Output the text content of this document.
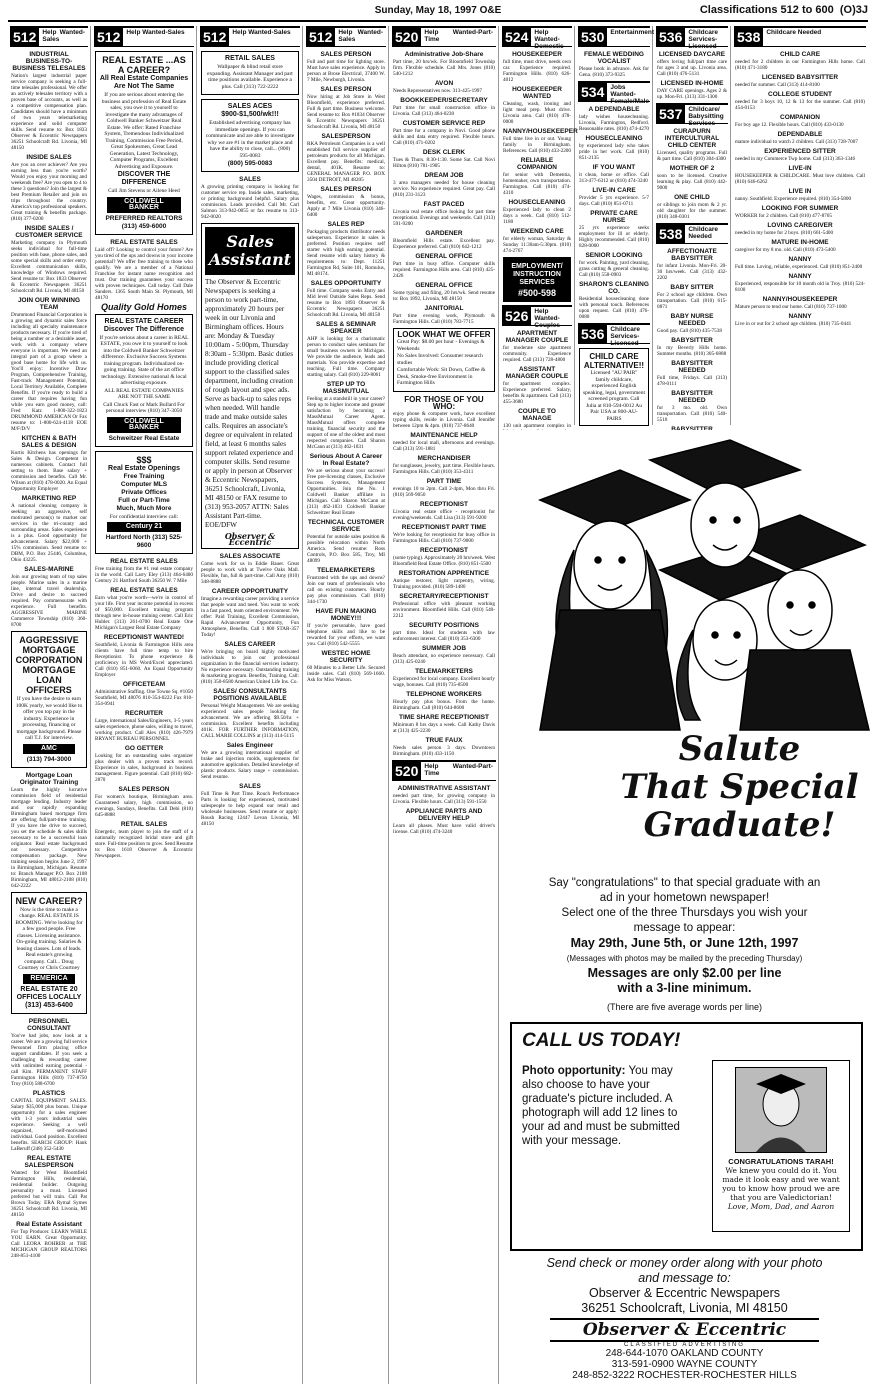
Sunday, May 18, 1997 O&E	Classifications 512 to 600 (O)3J
512 Help Wanted-Sales
INDUSTRIAL BUSINESS-TO-BUSINESS TELESALES

Nation's largest industrial paper service company is seeking a full-time telesales professional. We offer an actively telesales territory with a proven base of accounts, as well as a competitive compensation plan. Candidates should have a minimum of two years telemarketing experience and solid computer skills. Send resume to: Box 1833 Observer & Eccentric Newspapers 36251 Schoolcraft Rd. Livonia, MI 48150

INSIDE SALES

Are you an over achiever? Are you earning less than you're worth? Would you enjoy your morning and weekends free? Are you open to 4 to these 3 questions? Join the largest & best Premium Retailer and join on trips throughout the country. America's top professional speakers. Great training & benefits package. (810) 377-0200

INSIDE SALES / CUSTOMER SERVICE

Marketing company in Plymouth seeks individual for full-time position with base, phone sales, and some special skills and order entry. Excellent communication skills, knowledge of Windows required. Send resume to: Box 1833 Observer & Eccentric Newspapers 36251 Schoolcraft Rd. Livonia, MI 48150

JOIN OUR WINNING TEAM

Drummond Financial Corporation is a growing and dynamic sales force including all specialty maintenance products necessary. If you're tired of being a number or a desirable asset, work with a company where everyone is important. We need an integral part of a group where a good base home for life with us. You'll enjoy: Incentive Draw Program, Comprehensive Training, Fast-track Management Potential, Local Territory Available, Complete Benefits. If you're ready to build a career that requires having fun while you earn good money, call: Fred Katz 1-800-322-1823 DRUMMOND AMERICAN Or Fax resume to: 1-800-624-4118 EOE M/F/D/V

KITCHEN & BATH SALES & DESIGN

Kurtis Kitchens has openings for Sales & Design. Competent in numerous cabinets. Contact full setting to them. Base salary + commission and benefits. Call Mr. Wilson at (810) 478-0020. An Equal Opportunity Employer

MARKETING REP

A national cleaning company is seeking an aggressive, self motivated person(s) to market our services in the tri-county and surrounding areas. Sales experience is a plus. Good opportunity for advancement. Salary $22,000 + 15% commission. Send resume to: DBM, P.O. Box 25446, Columbus, Ohio 43225.

SALES-MARINE

Join our growing team of top sales people. Marine sales in a marine line, internal travel dealership. Drive and desire to succeed required. Pay commensurate with experience. Full benefits. AGGRESSIVE MARINE Commerce Township (810) 360-8700

AGGRESSIVE MORTGAGE CORPORATION MORTGAGE LOAN OFFICERS
If you have the desire to earn 100K yearly, we would like to offer you top pay in the industry. Experience in processing, financing or mortgage background. Please call T.J. for interview.
AMC
(313) 794-3000
Mortgage Loan Originator Training

Learn the highly lucrative commission field of residential mortgage lending. Industry leader and our rapidly expanding Birmingham based mortgage firm are offering full/part-time training. If you have the drive to succeed, you set the schedule & sales skills necessary to be a successful loan originator. Real estate background not necessary. Competitive compensation package. New training session begins June 2, 1997 in Birmingham, Michigan. Resume to: Branch Manager P.O. Box 2108 Birmingham, MI 48012-2108 (810) 642-2222

NEW CAREER?
Now is the time to make a change. REAL ESTATE IS BOOMING. We're looking for a few good people. Free classes. Licensing assistance. On-going training. Salaries & leasing classes. Lots of leads. Real estate's growing company. Call... Doug Courtney or Chris Courtney
REMERICA
REAL ESTATE 20 OFFICES LOCALLY (313) 453-6400
PERSONNEL CONSULTANT

You've had jobs, now look at a career. We are a growing full service Personnel firm placing office support candidates. If you seek a challenging & rewarding career with unlimited earning potential - call Kim. PERMANENT STAFF Farmington Hills (810) 737-8750 Troy (810) 588-6700

PLASTICS

CAPITAL EQUIPMENT SALES. Salary $35,000 plus bonus. Unique opportunity for a sales engineer with 1-3 years industrial sales experience. Seeking a well organized, self-motivated individual. Good position. Excellent benefits. SEARCH GROUP: Hank LaBeruff (248) 352-5430

REAL ESTATE SALESPERSON

Wanted for West Bloomfield Farmington Hills, residential, residential builder. Outgoing personality a must. Licensed preferred but will train. Call Pat Brown Today. ERA Rymal Symes 36251 Schoolcraft Rd. Livonia, MI 48150

Real Estate Assistant

For Top Producer. LEARN WHILE YOU EARN. Great Opportunity. Call LEORA BOHRER at THE MICHIGAN GROUP REALTORS 248-851-4100

512 Help Wanted-Sales
REAL ESTATE ...AS A CAREER?
All Real Estate Companies Are Not The Same
If you are serious about entering the business and profession of Real Estate sales, you owe it to yourself to investigate the many advantages of Coldwell Banker Schweitzer Real Estate. We offer: Rated Franchise System, Tremendous Individualized Training, Commission Free Period, Great Spokesmen, Great Lead Generation, Latest Technology, Computer Programs, Excellent Advertising and Exposure.
DISCOVER THE DIFFERENCE
Call Jim Stevens or Ailene Heed
COLDWELL BANKER
PREFERRED REALTORS (313) 459-6000
REAL ESTATE SALES

Laid off? Looking to control your future? Are you tired of the ups and downs in your income potential? We offer free training to those who qualify. We are a member of a National Franchise for instant name recognition and trust. Our training guarantees your success with proven techniques. Call today. Call Dale Sanders. 1365 South Main St. Plymouth, MI 48170

Quality Gold Homes
REAL ESTATE CAREER
Discover The Difference
If you're serious about a career in REAL ESTATE, you owe it to yourself to look into the Coldwell Banker Schweitzer difference. Exclusive Success Systems training program. Individualized on-going training. State of the art office technology. Extensive national & local advertising exposure.
ALL REAL ESTATE COMPANIES ARE NOT THE SAME
Call Chuck Fast or Mark Bullard For personal interview (810) 347-3050
COLDWELL BANKER
Schweitzer Real Estate
$$$
Real Estate Openings
Free Training
Computer MLS
Private Offices
Full or Part-Time
Much, Much More
For confidential interview call:
Century 21
Hartford North (313) 525-9600
REAL ESTATE SALES

Free training from the #1 real estate company in the world. Call Larry Eley (313) 464-6400 Century 21 Hartford South 36250 W. 7 Mile

REAL ESTATE SALES

Earn what you're worth—we're in control of your life. First year income potential in excess of $50,000. Excellent training program through new in-house training center. Call Eric Hubler. (313) 261-0700 Real Estate One Michigan's Largest Real Estate Company

RECEPTIONIST WANTED!

Southfield, Livonia & Farmington Hills area clients have full time temp to hire Receptionist. To phone experience & proficiency in MS Word/Excel appreciated. Call (810) 851-6060. An Equal Opportunity Employer

OFFICETEAM

Administrative Staffing. One Towne Sq. #1050 Southfield, MI 48076 810-354-0222 Fax 810-354-0941

RECRUITER

Large, international Sales/Engineers, 3-5 years sales experience, phone sales, willing to travel, working product. Call Alex (810) 426-7979 BRYANT BUREAU PERSONNEL

GO GETTER

Looking for an outstanding sales organizer plus dealer with a proven track record. Experience in sales, background in business management. Figure potential. Call (810) 682-2870

SALES PERSON

For women's boutique, Birmingham area. Guaranteed salary, high commission, no evenings, Sundays, Benefits. Call Debi (810) 645-8888

RETAIL SALES

Energetic, team player to join the staff of a nationally recognized bridal store and gift store. Full-time position to grow. Send Resume to: Box 1618 Observer & Eccentric Newspapers.

512 Help Wanted-Sales
RETAIL SALES
Wallpaper & blind retail store expanding. Assistant Manager and part time positions available. Experience a plus. Call (313) 722-2222
SALES ACES
$900-$1,500/wk!!!
Established advertising company has immediate openings. If you can communicate and are able to investigate why we are #1 in the market place and have the ability to close, call... (800) 595-0083
(800) 595-0083
SALES

A growing printing company is looking for customer service rep. Inside sales, marketing, or printing background helpful. Salary plus commission. Leads provided. Call Mr. Carl Salmon 313-942-0055 or fax resume to 313-942-0020

Sales Assistant
The Observer & Eccentric Newspapers is seeking a person to work part-time, approximately 20 hours per week in our Livonia and Birmingham offices. Hours are: Monday & Tuesday 10:00am - 5:00pm, Thursday 8:30am - 5:30pm. Basic duties include providing clerical support to the classified sales department, including creation of rough layout and spec ads. Serve as back-up to sales reps when needed. Will handle trade and make outside sales calls. Requires an associate's degree or equivalent in related field, at least 6 months sales support related experience and computer skills. Send resume or apply in person at Observer & Eccentric Newspapers, 36251 Schoolcraft, Livonia, MI 48150 or FAX resume to (313) 953-2057 ATTN: Sales Assistant Part-time. EOE/DFW
Observer & Eccentric
SALES ASSOCIATE

Come work for us in Eddie Bauer. Great people to work with at Twelve Oaks Mall. Flexible, fun, full & part-time. Call Amy (810) 348-8888

CAREER OPPORTUNITY

Imagine a rewarding career providing a service that people want and need. You want to work in a fast paced, team oriented environment. We offer: Paid Training, Excellent Commission, Rapid Advancement Opportunity, Fun Atmosphere, Benefits. Call 1 800 STAR-357 Today!

SALES CAREER

We're bringing on board highly motivated individuals to join our professional organization in the financial services industry. No experience necessary. Outstanding training & marketing program. Benefits, Training. Call: (810) 350-8580 American United Life Ins. Co.

SALES/ CONSULTANTS POSITIONS AVAILABLE

Personal Weight Management. We are seeking experienced sales people looking for advancement. We are offering $9.50/hr. + commission. Excellent benefits including 401K. FOR FURTHER INFORMATION, CALL MARIE COLLINS at (313) 414-5115

Sales Engineer

We are a growing international supplier of brake and injection molds, supplements for automotive application. Detailed knowledge of plastic products. Salary range + commission. Send resume.

SALES

Full Time & Part Time. Rouch Performance Parts is looking for experienced, motivated salespeople to help expand our retail and wholesale businesses. Send resume or apply: Roush Racing 12447 Levan Livonia, MI 48150

512 Help Wanted-Sales
SALES PERSON

Full and part time for lighting store. Must have sales experience. Apply in person at Brose Electrical, 37400 W. 7 Mile, Newburgh, Livonia.

SALES PERSON

Now hiring at Job Store in West Bloomfield, experience preferred. Full & part time. Business welcome. Send resume to: Box #1834 Observer & Eccentric Newspapers 36251 Schoolcraft Rd. Livonia, MI 48150

SALESPERSON

RKA Petroleum Companies is a well established full service supplier of petroleum products for all Michigan. Excellent pay. Benefits: medical, dental, 401K. Resume to: GENERAL MANAGER P.O. BOX 3504 DETROIT, MI 48205

SALES PERSON

Wages, commission & bonus, benefits, etc. Great opportunity. Apply at 7 Mile Livonia (810) 346-6400

SALES REP

Packaging products distributor needs salesperson. Experience in sales is preferred. Position requires self starter with high earning potential. Send resume with salary history & requirements to: Dept. 11251 Farmington Rd, Suite 101, Romulus, MI 48174.

SALES OPPORTUNITY

Full time. Company seeks Entry and Mid level Outside Sales Reps. Send resume to Box 1893 Observer & Eccentric Newspapers 36251 Schoolcraft Rd. Livonia, MI 48150

SALES & SEMINAR SPEAKER

AHP is looking for a charismatic person to conduct sales seminars for small business owners in Michigan. We provide the audience, leads and materials. You provide expertise and teaching. Full time. Company starting salary. Call (810) 229-8061

STEP UP TO MASSMUTUAL

Feeling at a standstill in your career? Step up to higher income and greater satisfaction by becoming a MassMutual Career Agent. MassMutual offers complete training, financial security and the support of one of the oldest and most respected companies. Call Sharon McCann at (313) 462-1831

Serious About A Career In Real Estate?

We are serious about your success! Free pre-licensing classes, Exclusive Success Systems, Management Opportunities. Join the No. 1 Coldwell Banker affiliate in Michigan. Call Sharon McCann at (313) 462-1831 Coldwell Banker Schweitzer Real Estate

TECHNICAL CUSTOMER SERVICE

Potential for outside sales position & possible relocation within North America. Send resume: Ross Controls, P.O. Box 585, Troy, MI 48099

TELEMARKETERS

Frustrated with the ups and downs? Join our team of professionals who call on existing customers. Hourly pay plus commission. Call (810) 344-1730

HAVE FUN MAKING MONEY!!!

If you're personable, have good telephone skills and like to be rewarded for your efforts, we want you. Call (810) 542-5555

WESTEC HOME SECURITY

60 Minutes to a Better Life. Secured inside sales. Call (810) 569-1660. Ask for Miss Watson.

520 Help Wanted-Part-Time
Administrative Job-Share

Part time, 20 hrs/wk. For Bloomfield Township firm. Flexible schedule. Call Mrs. Jones (810) 540-1212

AVON

Needs Representatives now. 313-425-1997

BOOKKEEPER/SECRETARY

Part time for small construction office in Livonia. Call (313) 464-0230

CUSTOMER SERVICE REP

Part time for a company in Novi. Good phone skills and data entry required. Flexible hours. Call (810) 471-0202

DESK CLERK

Tues & Thurs. 8:30-1:30. Some Sat. Call Novi Hilton (810) 781-1905

DREAM JOB

3 area managers needed for house cleaning service. No experience required. Great pay. Call (810) 231-3123

FAST PACED

Livonia real estate office looking for part time receptionist. Evenings and weekends. Call (313) 591-9200

GARDENER

Bloomfield Hills estate. Excellent pay. Experience preferred. Call (810) 642-1212

GENERAL OFFICE

Part time in busy office. Computer skills required. Farmington Hills area. Call (810) 425-2426

GENERAL OFFICE

Some typing and filing, 20 hrs/wk. Send resume to: Box 1892, Livonia, MI 48150

JANITORIAL

Part time evening work, Plymouth & Farmington Hills. Call (810) 783-7715

LOOK WHAT WE OFFER
Great Pay: $8.00 per hour - Evenings & Weekends
No Sales Involved: Consumer research studies
Comfortable Work: Sit Down, Coffee & Desk, Smoke-free Environment in Farmington Hills
FOR THOSE OF YOU WHO:

enjoy phone & computer work, have excellent typing skills, reside in Livonia. Call Jennifer between 12pm & 4pm. (810) 737-8640

MAINTENANCE HELP

needed for local mall, afternoons and evenings. Call (313) 591-1881

MERCHANDISER

for sunglasses, jewelry, part time. Flexible hours. Farmington Hills. Call (810) 353-4311

PART TIME

evenings 10 to 2pm. Call 2-4pm, Mon thru Fri. (810) 569-9050

RECEPTIONIST

Livonia real estate office - receptionist for evening/weekends. Call Lisa (313) 591-9200

RECEPTIONIST PART TIME

We're looking for receptionist for busy office in Farmington Hills. Call (810) 737-9000

RECEPTIONIST

(some typing). Approximately 20 hrs/week. West Bloomfield Real Estate Office. (810) 851-5500

RESTORATION APPRENTICE

Antique restorer, light carpentry, wiring. Training provided. (810) 589-1480

SECRETARY/RECEPTIONIST

Professional office with pleasant working environment. Bloomfield Hills. Call (810) 540-2212

SECURITY POSITIONS

part time. Ideal for students with law enforcement interest. Call (810) 353-6300

SUMMER JOB

Beach attendant, no experience necessary. Call (313) 425-0240

TELEMARKETERS

Experienced for local company. Excellent hourly wage, bonuses. Call (810) 735-8500

TELEPHONE WORKERS

Hourly pay plus bonus. From the home. Birmingham. Call (810) 644-8600

TIME SHARE RECEPTIONIST

Minimum 8 hrs days a week. Call Kathy Davis at (313) 425-2230

TRUE FAUX

Needs sales person 3 days. Downtown Birmingham. (810) 433-1150

520 Help Wanted-Part-Time
ADMINISTRATIVE ASSISTANT

needed part time, for growing company in Livonia. Flexible hours. Call (313) 591-1550

APPLIANCE PARTS AND DELIVERY HELP

Learn all phases. Must have valid driver's license. Call (810) 474-3240

524 Help Wanted-Domestic
HOUSEKEEPER

full time, must drive, needs own car. Experience required. Farmington Hills. (810) 626-4012

HOUSEKEEPER WANTED

Cleaning, wash, ironing and light meal prep. Must drive. Livonia area. Call (810) 478-0000

NANNY/HOUSEKEEPER

Full time live in or out. Young family in Birmingham. References. Call (810) 433-2200

RELIABLE COMPANION

for senior with Dementia, homemaker, own transportation. Farmington. Call (810) 474-4310

HOUSECLEANING

Experienced lady to clean 2 days a week. Call (810) 512-1180

WEEKEND CARE

for elderly woman, Saturday & Sunday 11:30am-5:30pm. (810) 474-2767

EMPLOYMENT/ INSTRUCTION SERVICES
#500-598
526 Help Wanted-Couples
APARTMENT MANAGER COUPLE

for moderate size apartment community. Experience required. Call (313) 728-4800

ASSISTANT MANAGER COUPLE

for apartment complex. Experience preferred. Salary, benefits & apartment. Call (313) 455-3680

COUPLE TO MANAGE

130 unit apartment complex in

530 Entertainment
FEMALE WEDDING VOCALIST

Please book in advance. Ask for Gena. (810) 373-9325

534 Jobs Wanted-Female/Male
A DEPENDABLE

lady wishes housecleaning. Livonia, Farmington, Redford. Reasonable rates. (810) 474-4270

HOUSECLEANING

by experienced lady who takes pride in her work. Call (810) 851-2135

IF YOU WANT

it clean, home or office. Call 313-477-6312 or (810) 474-3240

LIVE-IN CARE

Provider 5 yrs experience. 5-7 days. Call (810) 851-0711

PRIVATE CARE NURSE

25 yrs experience seeks employment for ill or elderly. Highly recommended. Call (810) 828-0000

SENIOR LOOKING

for work. Painting, yard cleaning, grass cutting & general cleaning. Call (810) 558-0903

SHARON'S CLEANING CO.

Residential housecleaning done with personal touch. References upon request. Call (810) 476-0080

536 Childcare Services-Licensed
CHILD CARE ALTERNATIVE!!
Licensed "AU PAIR" family childcare, experienced English speaking, legal, government screened program. Call Julia at 810-594-0012 Au Pair USA at 800-AU-PAIRS

536 Childcare Services-Licensed
LICENSED DAYCARE

offers loving full/part time care for ages 3 and up. Livonia area. Call (810) 476-5131

LICENSED IN-HOME

DAY CARE openings. Ages 2 & up. Mon-Fri. (313) 331-1300

537 Childcare/ Babysitting Services
CURAPURN INTERCULTURAL CHILD CENTER

Licensed, quality programs. Full & part time. Call (810) 304-4300

MOTHER OF 2

soon to be licensed. Creative learning & play. Call (810) 442-9000

ONE CHILD

or siblings to join mom & 2 yr. old daughter for the summer. (810) 348-0301

538 Childcare Needed
AFFECTIONATE BABYSITTER

for infant Livonia. Mon-Fri. 20-30 hrs/week. Call (313) 432-2202

BABY SITTER

For 2 school age children. Own transportation. Call (810) 615-0871

BABY NURSE NEEDED

Good pay. Call (810) 435-7538

BABYSITTER

In my Beverly Hills home. Summer months. (810) 305-6888

BABYSITTER NEEDED

Full time, Fridays. Call (313) 478-0111

BABYSITTER NEEDED

for 3 mo. old. Own transportation. Call (810) 540-5510

538 Childcare Needed
CHILD CARE

needed for 2 children in our Farmington Hills home. Call (810) 471-3180

LICENSED BABYSITTER

needed for summer. Call (313) 414-8100

COLLEGE STUDENT

needed for 3 boys 10, 12 & 13 for the summer. Call (810) 454-0153

COMPANION

For boy age 12. Flexible hours. Call (810) 433-0130

DEPENDABLE

mature individual to watch 2 children. Call (313) 728-7007

EXPERIENCED SITTER

needed in my Commerce Twp home. Call (313) 363-1346

LIVE-IN

HOUSEKEEPER & CHILDCARE. Must love children. Call (810) 646-6262

LIVE IN

nanny. Southfield. Experience required. (810) 354-5800

LOOKING FOR SUMMER

WORKER for 2 children. Call (810) 477-8765

LOVING CAREGIVER

needed in my home for 2 boys. (810) 661-5400

MATURE IN-HOME

caregiver for my 8 mo. old. Call (810) 473-5400

NANNY

Full time. Loving, reliable, experienced. Call (810) 851-2400

NANNY

Experienced, responsible for 10 month old in Troy. (810) 524-8100

NANNY/HOUSEKEEPER

Mature person to tend our home. Call (810) 737-1000

NANNY

Live in or out for 2 school age children. (810) 735-0441

Salute
That Special
Graduate!
Say "congratulations" to that special graduate with an
ad in your hometown newspaper!
Select one of the three Thursdays you wish your
message to appear:
May 29th, June 5th, or June 12th, 1997
(Messages with photos may be mailed by the preceding Thursday)
Messages are only $2.00 per line
with a 3-line minimum.
(There are five average words per line)
CALL US TODAY!
Photo opportunity: You may also choose to have your graduate's picture included. A photograph will add 12 lines to your ad and must be submitted with your message.
CONGRATULATIONS TARAH!
We knew you could do it. You made it look easy and we want you to know how proud we are that you are Valedictorian!
Love, Mom, Dad, and Aaron
Send check or money order along with your photo
and message to:
Observer & Eccentric Newspapers
36251 Schoolcraft, Livonia, MI 48150
Observer & Eccentric
CLASSIFIED ADVERTISING
248-644-1070 OAKLAND COUNTY
313-591-0900 WAYNE COUNTY
248-852-3222 ROCHESTER-ROCHESTER HILLS
